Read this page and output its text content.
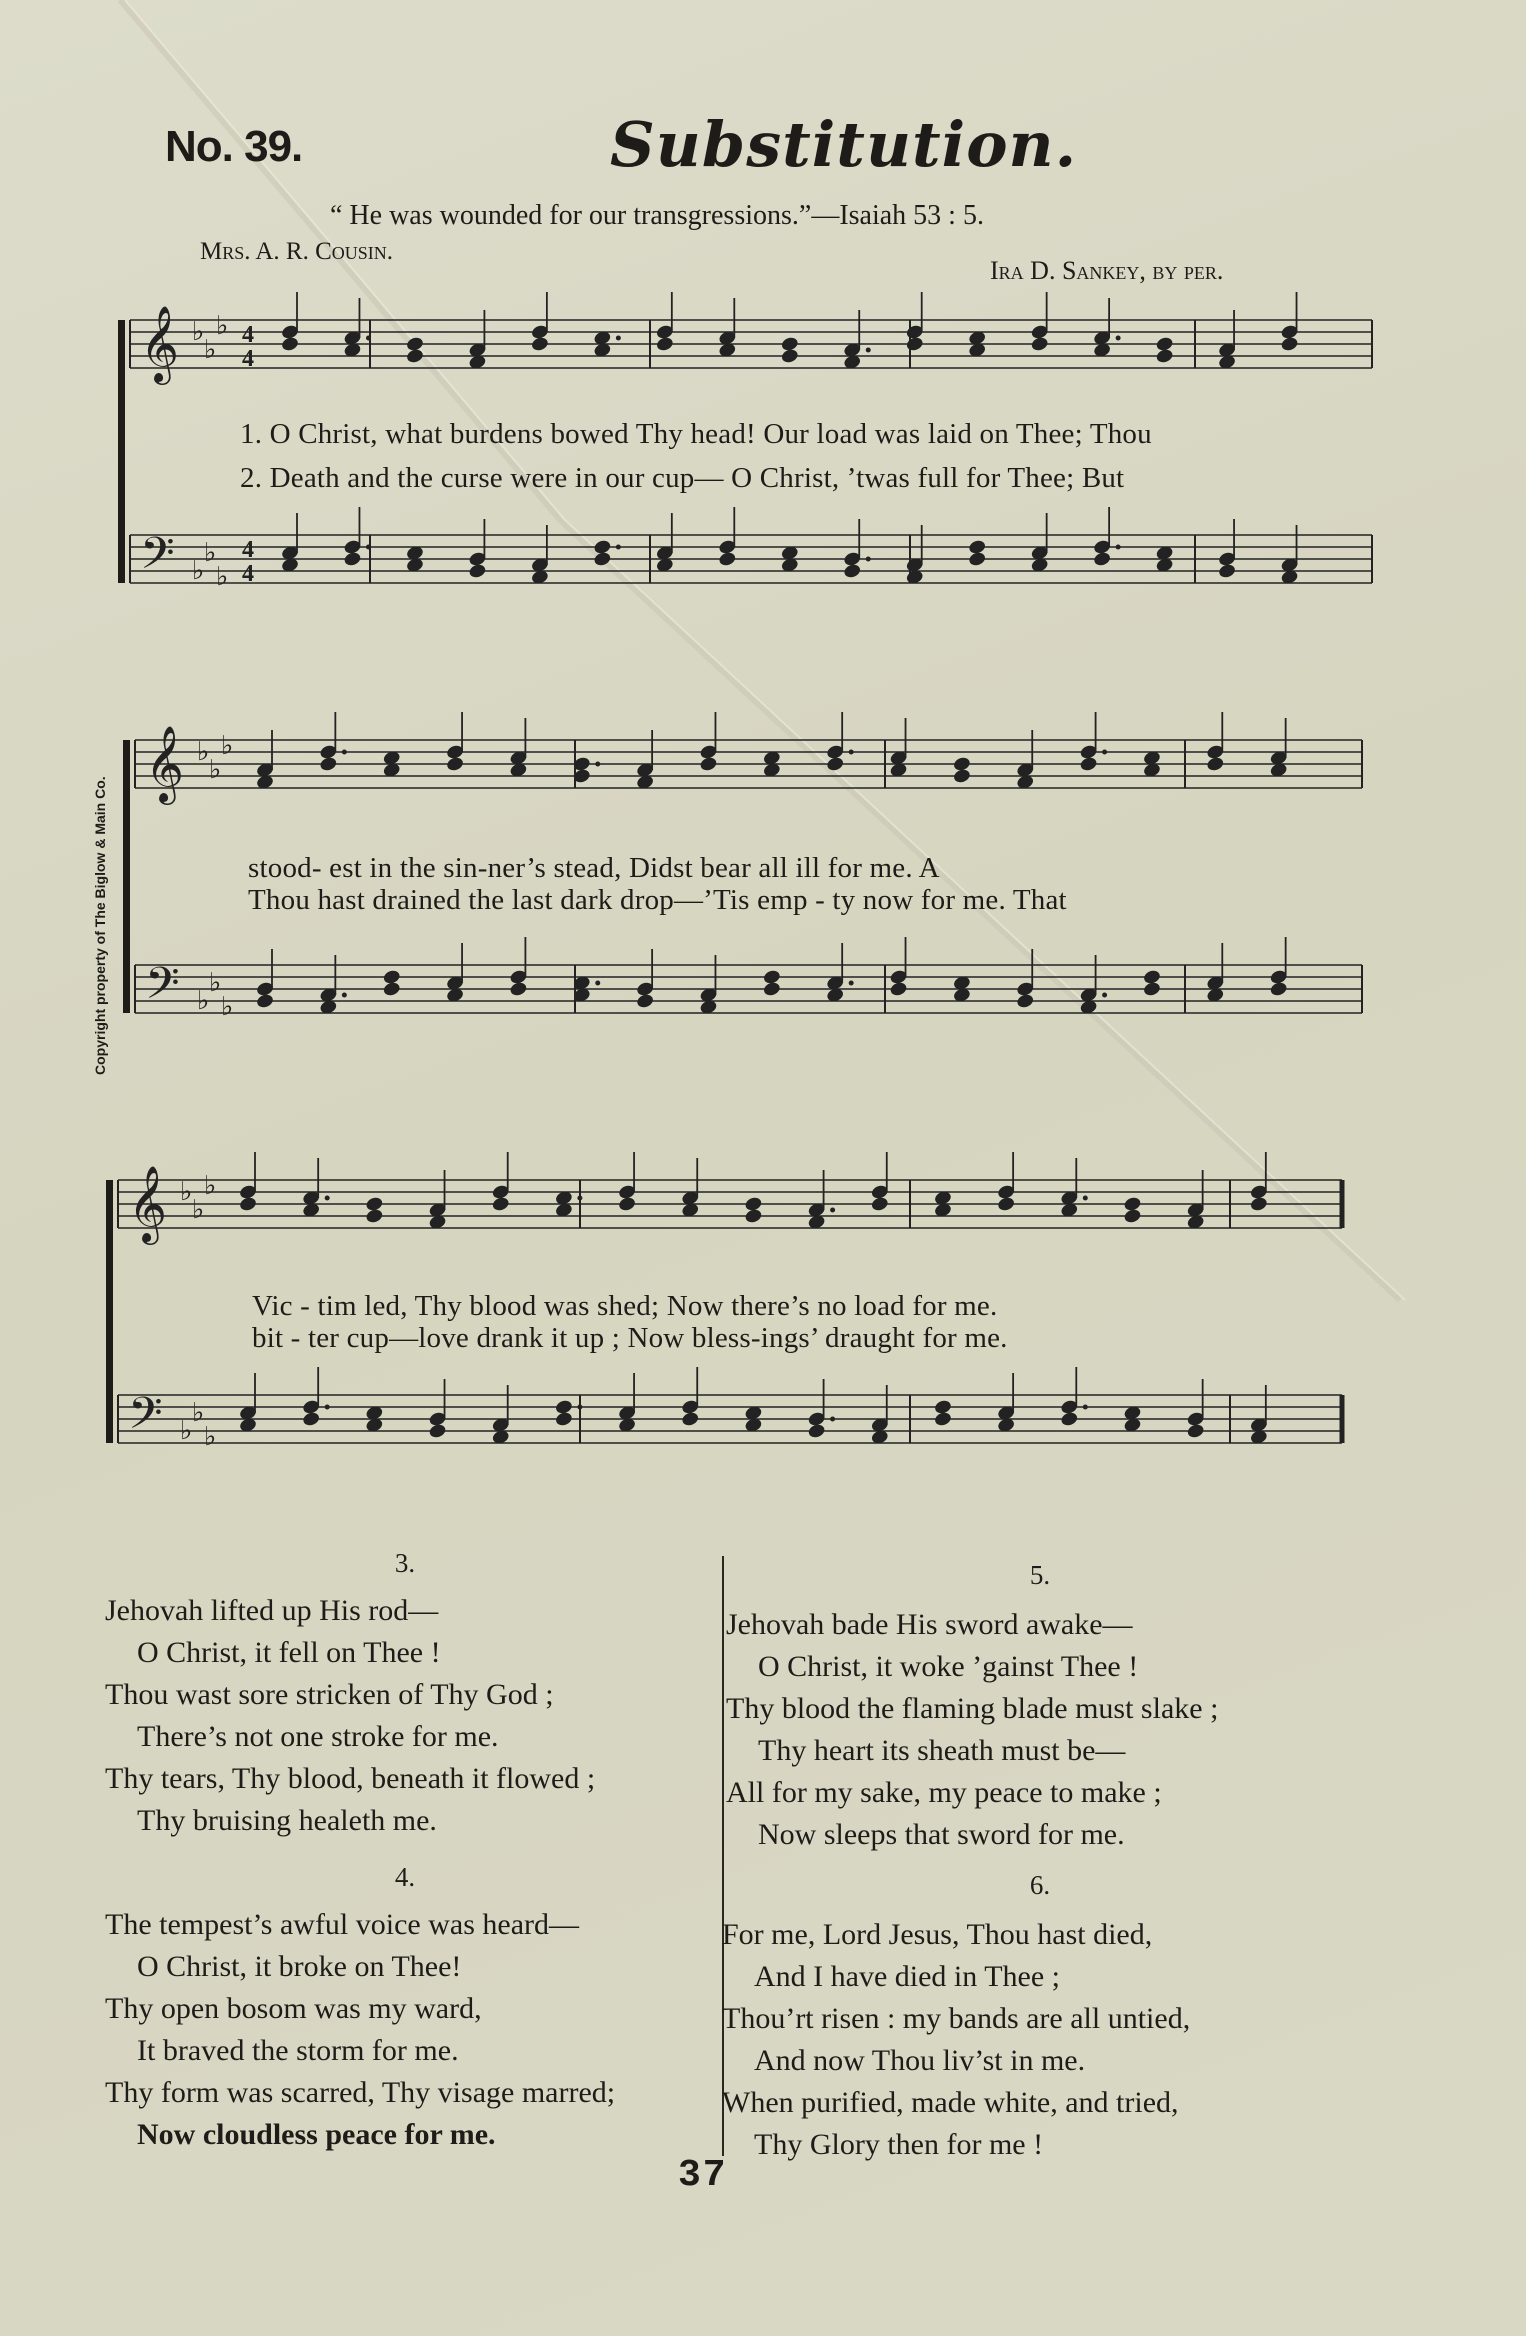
No. 39.	Substitution.
“ He was wounded for our transgressions.”—Isaiah 53 : 5.
Mrs. A. R. Cousin.
Ira D. Sankey, by per.
𝄞 ♭
♭
♭ 4
4
𝄢 ♭
♭
♭
4
4
𝄞 ♭
♭
♭
𝄢 ♭
♭
♭
𝄞 ♭
♭
♭
𝄢 ♭
♭
♭
1. O Christ, what burdens bowed Thy head! Our load was laid on Thee; Thou
2. Death and the curse were in our cup— O Christ, ’twas full for Thee; But
stood- est in the sin-ner’s stead, Didst bear all ill for me. A
Thou hast drained the last dark drop—’Tis emp - ty now for me. That
Vic - tim led, Thy blood was shed; Now there’s no load for me.
bit - ter cup—love drank it up ; Now bless-ings’ draught for me.
Copyright property of The Biglow & Main Co.
3.
Jehovah lifted up His rod—
O Christ, it fell on Thee !
Thou wast sore stricken of Thy God ;
There’s not one stroke for me.
Thy tears, Thy blood, beneath it flowed ;
Thy bruising healeth me.
4.
The tempest’s awful voice was heard—
O Christ, it broke on Thee!
Thy open bosom was my ward,
It braved the storm for me.
Thy form was scarred, Thy visage marred;
Now cloudless peace for me.
5.
Jehovah bade His sword awake—
O Christ, it woke ’gainst Thee !
Thy blood the flaming blade must slake ;
Thy heart its sheath must be—
All for my sake, my peace to make ;
Now sleeps that sword for me.
6.
For me, Lord Jesus, Thou hast died,
And I have died in Thee ;
Thou’rt risen : my bands are all untied,
And now Thou liv’st in me.
When purified, made white, and tried,
Thy Glory then for me !
37
